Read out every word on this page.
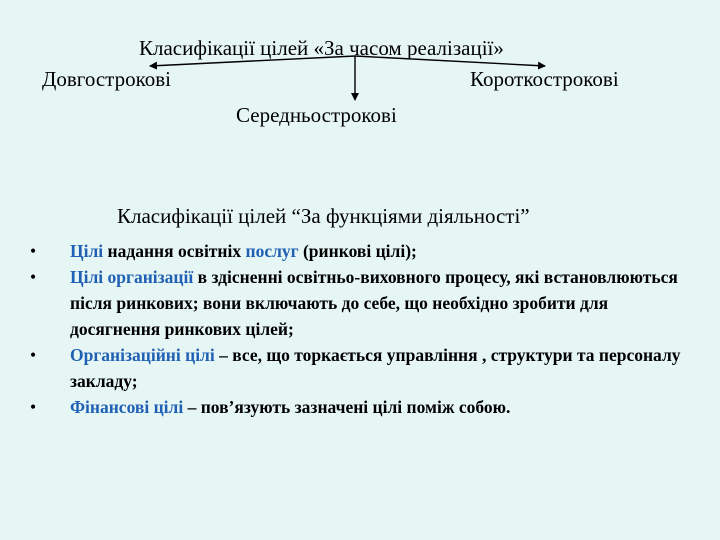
Класифікації цілей «За часом реалізації»
Довгострокові	Короткострокові
Середньострокові
Класифікації цілей “За функціями діяльності”
• Цілі надання освітніх послуг (ринкові цілі);
• Цілі організації в здісненні освітньо-виховного процесу, які встановлюються після ринкових; вони включають до себе, що необхідно зробити для досягнення ринкових цілей;
• Організаційні цілі – все, що торкається управління , структури та персоналу закладу;
• Фінансові цілі – пов’язують зазначені цілі поміж собою.
